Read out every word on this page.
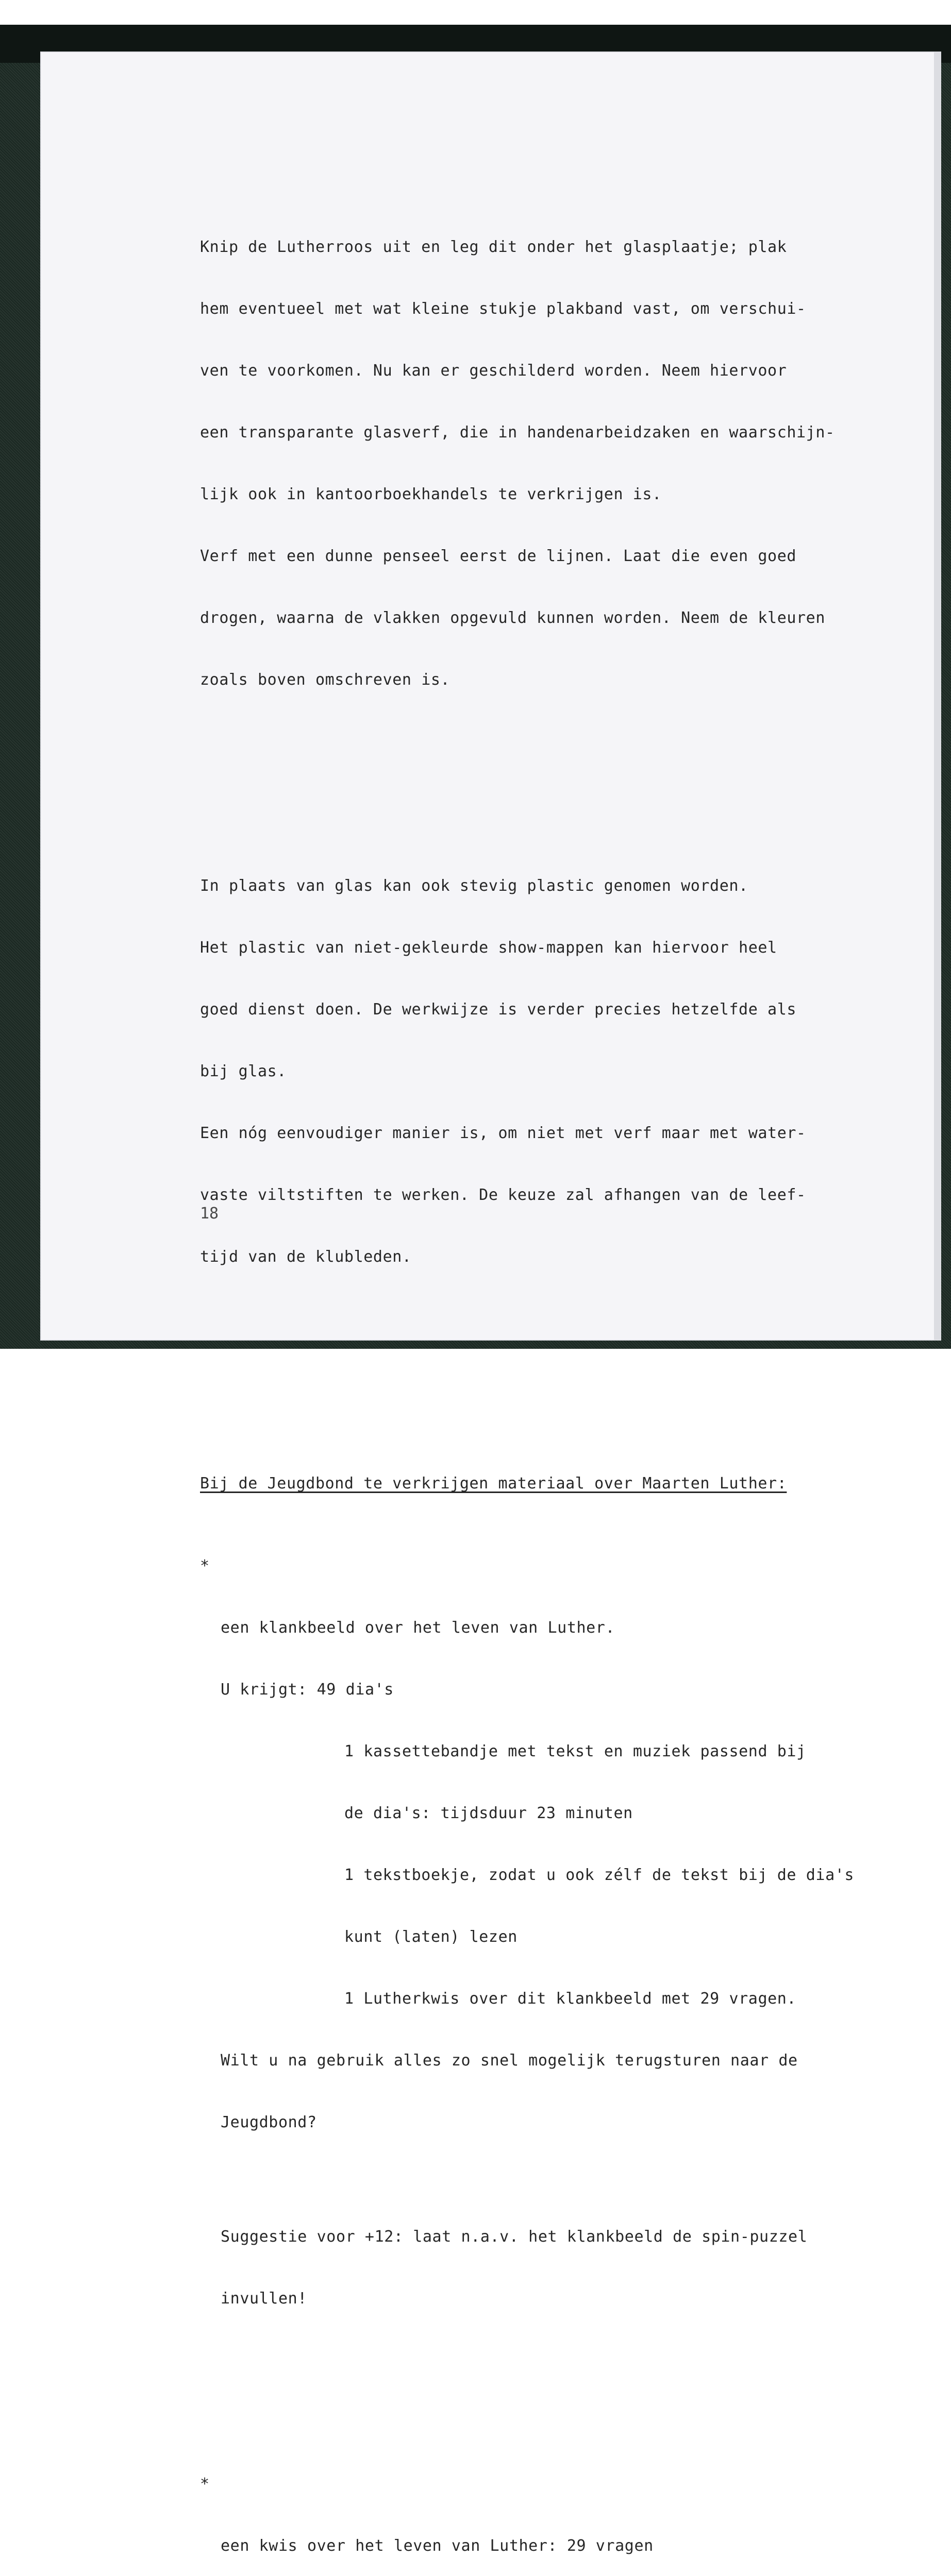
Knip de Lutherroos uit en leg dit onder het glasplaatje; plak

hem eventueel met wat kleine stukje plakband vast, om verschui-

ven te voorkomen. Nu kan er geschilderd worden. Neem hiervoor

een transparante glasverf, die in handenarbeidzaken en waarschijn-

lijk ook in kantoorboekhandels te verkrijgen is.

Verf met een dunne penseel eerst de lijnen. Laat die even goed

drogen, waarna de vlakken opgevuld kunnen worden. Neem de kleuren

zoals boven omschreven is.

In plaats van glas kan ook stevig plastic genomen worden.

Het plastic van niet-gekleurde show-mappen kan hiervoor heel

goed dienst doen. De werkwijze is verder precies hetzelfde als

bij glas.

Een nóg eenvoudiger manier is, om niet met verf maar met water-

vaste viltstiften te werken. De keuze zal afhangen van de leef-

tijd van de klubleden.

Bij de Jeugdbond te verkrijgen materiaal over Maarten Luther:

*

een klankbeeld over het leven van Luther.

U krijgt: 49 dia's

1 kassettebandje met tekst en muziek passend bij

de dia's: tijdsduur 23 minuten

1 tekstboekje, zodat u ook zélf de tekst bij de dia's

kunt (laten) lezen

1 Lutherkwis over dit klankbeeld met 29 vragen.

Wilt u na gebruik alles zo snel mogelijk terugsturen naar de

Jeugdbond?

Suggestie voor +12: laat n.a.v. het klankbeeld de spin-puzzel

invullen!

*

een kwis over het leven van Luther: 29 vragen

18
